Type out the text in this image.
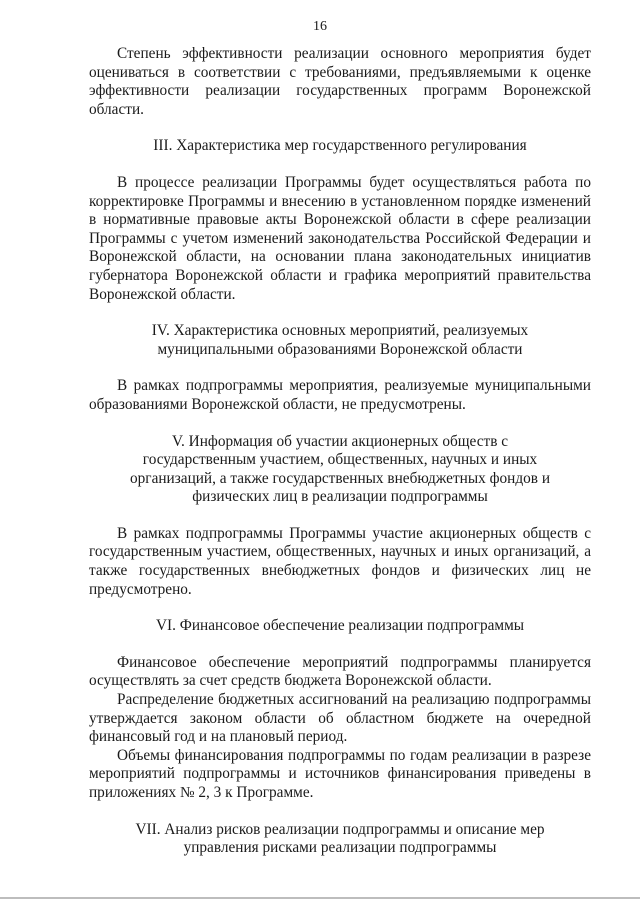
16

Степень эффективности реализации основного мероприятия будет оцениваться в соответствии с требованиями, предъявляемыми к оценке эффективности реализации государственных программ Воронежской области.

III. Характеристика мер государственного регулирования

В процессе реализации Программы будет осуществляться работа по корректировке Программы и внесению в установленном порядке изменений в нормативные правовые акты Воронежской области в сфере реализации Программы с учетом изменений законодательства Российской Федерации и Воронежской области, на основании плана законодательных инициатив губернатора Воронежской области и графика мероприятий правительства Воронежской области.

IV. Характеристика основных мероприятий, реализуемых
муниципальными образованиями Воронежской области

В рамках подпрограммы мероприятия, реализуемые муниципальными образованиями Воронежской области, не предусмотрены.

V. Информация об участии акционерных обществ с
государственным участием, общественных, научных и иных
организаций, а также государственных внебюджетных фондов и
физических лиц в реализации подпрограммы

В рамках подпрограммы Программы участие акционерных обществ с государственным участием, общественных, научных и иных организаций, а также государственных внебюджетных фондов и физических лиц не предусмотрено.

VI. Финансовое обеспечение реализации подпрограммы

Финансовое обеспечение мероприятий подпрограммы планируется осуществлять за счет средств бюджета Воронежской области.

Распределение бюджетных ассигнований на реализацию подпрограммы утверждается законом области об областном бюджете на очередной финансовый год и на плановый период.

Объемы финансирования подпрограммы по годам реализации в разрезе мероприятий подпрограммы и источников финансирования приведены в приложениях № 2, 3 к Программе.

VII. Анализ рисков реализации подпрограммы и описание мер
управления рисками реализации подпрограммы
